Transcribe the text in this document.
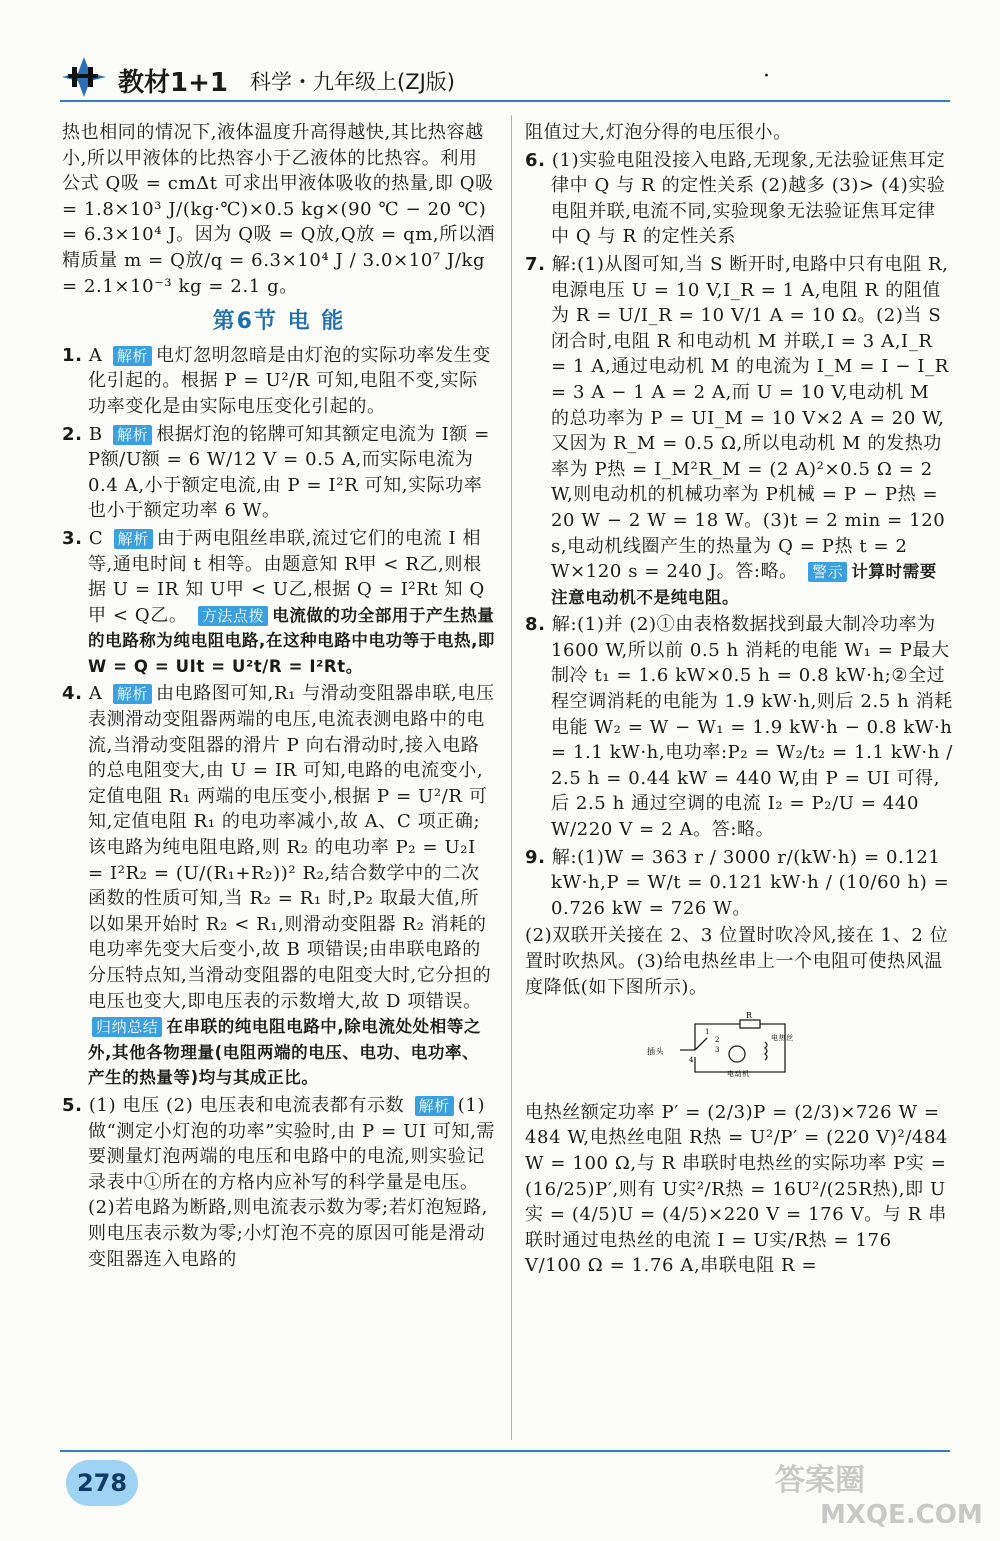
教材1+1 科学・九年级上(ZJ版)	·

热也相同的情况下,液体温度升高得越快,其比热容越小,所以甲液体的比热容小于乙液体的比热容。利用公式 Q吸 = cmΔt 可求出甲液体吸收的热量,即 Q吸 = 1.8×10³ J/(kg·℃)×0.5 kg×(90 ℃ − 20 ℃) = 6.3×10⁴ J。因为 Q吸 = Q放,Q放 = qm,所以酒精质量 m = Q放/q = 6.3×10⁴ J / 3.0×10⁷ J/kg = 2.1×10⁻³ kg = 2.1 g。

第6节 电 能

1. A 解析 电灯忽明忽暗是由灯泡的实际功率发生变化引起的。根据 P = U²/R 可知,电阻不变,实际功率变化是由实际电压变化引起的。

2. B 解析 根据灯泡的铭牌可知其额定电流为 I额 = P额/U额 = 6 W/12 V = 0.5 A,而实际电流为 0.4 A,小于额定电流,由 P = I²R 可知,实际功率也小于额定功率 6 W。

3. C 解析 由于两电阻丝串联,流过它们的电流 I 相等,通电时间 t 相等。由题意知 R甲 < R乙,则根据 U = IR 知 U甲 < U乙,根据 Q = I²Rt 知 Q甲 < Q乙。 方法点拨 电流做的功全部用于产生热量的电路称为纯电阻电路,在这种电路中电功等于电热,即 W = Q = UIt = U²t/R = I²Rt。

4. A 解析 由电路图可知,R₁ 与滑动变阻器串联,电压表测滑动变阻器两端的电压,电流表测电路中的电流,当滑动变阻器的滑片 P 向右滑动时,接入电路的总电阻变大,由 U = IR 可知,电路的电流变小,定值电阻 R₁ 两端的电压变小,根据 P = U²/R 可知,定值电阻 R₁ 的电功率减小,故 A、C 项正确;该电路为纯电阻电路,则 R₂ 的电功率 P₂ = U₂I = I²R₂ = (U/(R₁+R₂))² R₂,结合数学中的二次函数的性质可知,当 R₂ = R₁ 时,P₂ 取最大值,所以如果开始时 R₂ < R₁,则滑动变阻器 R₂ 消耗的电功率先变大后变小,故 B 项错误;由串联电路的分压特点知,当滑动变阻器的电阻变大时,它分担的电压也变大,即电压表的示数增大,故 D 项错误。 归纳总结 在串联的纯电阻电路中,除电流处处相等之外,其他各物理量(电阻两端的电压、电功、电功率、产生的热量等)均与其成正比。

5. (1) 电压 (2) 电压表和电流表都有示数 解析 (1)做“测定小灯泡的功率”实验时,由 P = UI 可知,需要测量灯泡两端的电压和电路中的电流,则实验记录表中①所在的方格内应补写的科学量是电压。(2)若电路为断路,则电流表示数为零;若灯泡短路,则电压表示数为零;小灯泡不亮的原因可能是滑动变阻器连入电路的

阻值过大,灯泡分得的电压很小。

6. (1)实验电阻没接入电路,无现象,无法验证焦耳定律中 Q 与 R 的定性关系 (2)越多 (3)> (4)实验电阻并联,电流不同,实验现象无法验证焦耳定律中 Q 与 R 的定性关系

7. 解:(1)从图可知,当 S 断开时,电路中只有电阻 R,电源电压 U = 10 V,I_R = 1 A,电阻 R 的阻值为 R = U/I_R = 10 V/1 A = 10 Ω。(2)当 S 闭合时,电阻 R 和电动机 M 并联,I = 3 A,I_R = 1 A,通过电动机 M 的电流为 I_M = I − I_R = 3 A − 1 A = 2 A,而 U = 10 V,电动机 M 的总功率为 P = UI_M = 10 V×2 A = 20 W,又因为 R_M = 0.5 Ω,所以电动机 M 的发热功率为 P热 = I_M²R_M = (2 A)²×0.5 Ω = 2 W,则电动机的机械功率为 P机械 = P − P热 = 20 W − 2 W = 18 W。(3)t = 2 min = 120 s,电动机线圈产生的热量为 Q = P热 t = 2 W×120 s = 240 J。答:略。 警示 计算时需要注意电动机不是纯电阻。

8. 解:(1)并 (2)①由表格数据找到最大制冷功率为 1600 W,所以前 0.5 h 消耗的电能 W₁ = P最大制冷 t₁ = 1.6 kW×0.5 h = 0.8 kW·h;②全过程空调消耗的电能为 1.9 kW·h,则后 2.5 h 消耗电能 W₂ = W − W₁ = 1.9 kW·h − 0.8 kW·h = 1.1 kW·h,电功率:P₂ = W₂/t₂ = 1.1 kW·h / 2.5 h = 0.44 kW = 440 W,由 P = UI 可得,后 2.5 h 通过空调的电流 I₂ = P₂/U = 440 W/220 V = 2 A。答:略。

9. 解:(1)W = 363 r / 3000 r/(kW·h) = 0.121 kW·h,P = W/t = 0.121 kW·h / (10/60 h) = 0.726 kW = 726 W。

(2)双联开关接在 2、3 位置时吹冷风,接在 1、2 位置时吹热风。(3)给电热丝串上一个电阻可使热风温度降低(如下图所示)。

R
插头
电动机
电热丝
1
2
3
4

电热丝额定功率 P′ = (2/3)P = (2/3)×726 W = 484 W,电热丝电阻 R热 = U²/P′ = (220 V)²/484 W = 100 Ω,与 R 串联时电热丝的实际功率 P实 = (16/25)P′,则有 U实²/R热 = 16U²/(25R热),即 U实 = (4/5)U = (4/5)×220 V = 176 V。与 R 串联时通过电热丝的电流 I = U实/R热 = 176 V/100 Ω = 1.76 A,串联电阻 R =

278	答案圈
MXQE.COM
